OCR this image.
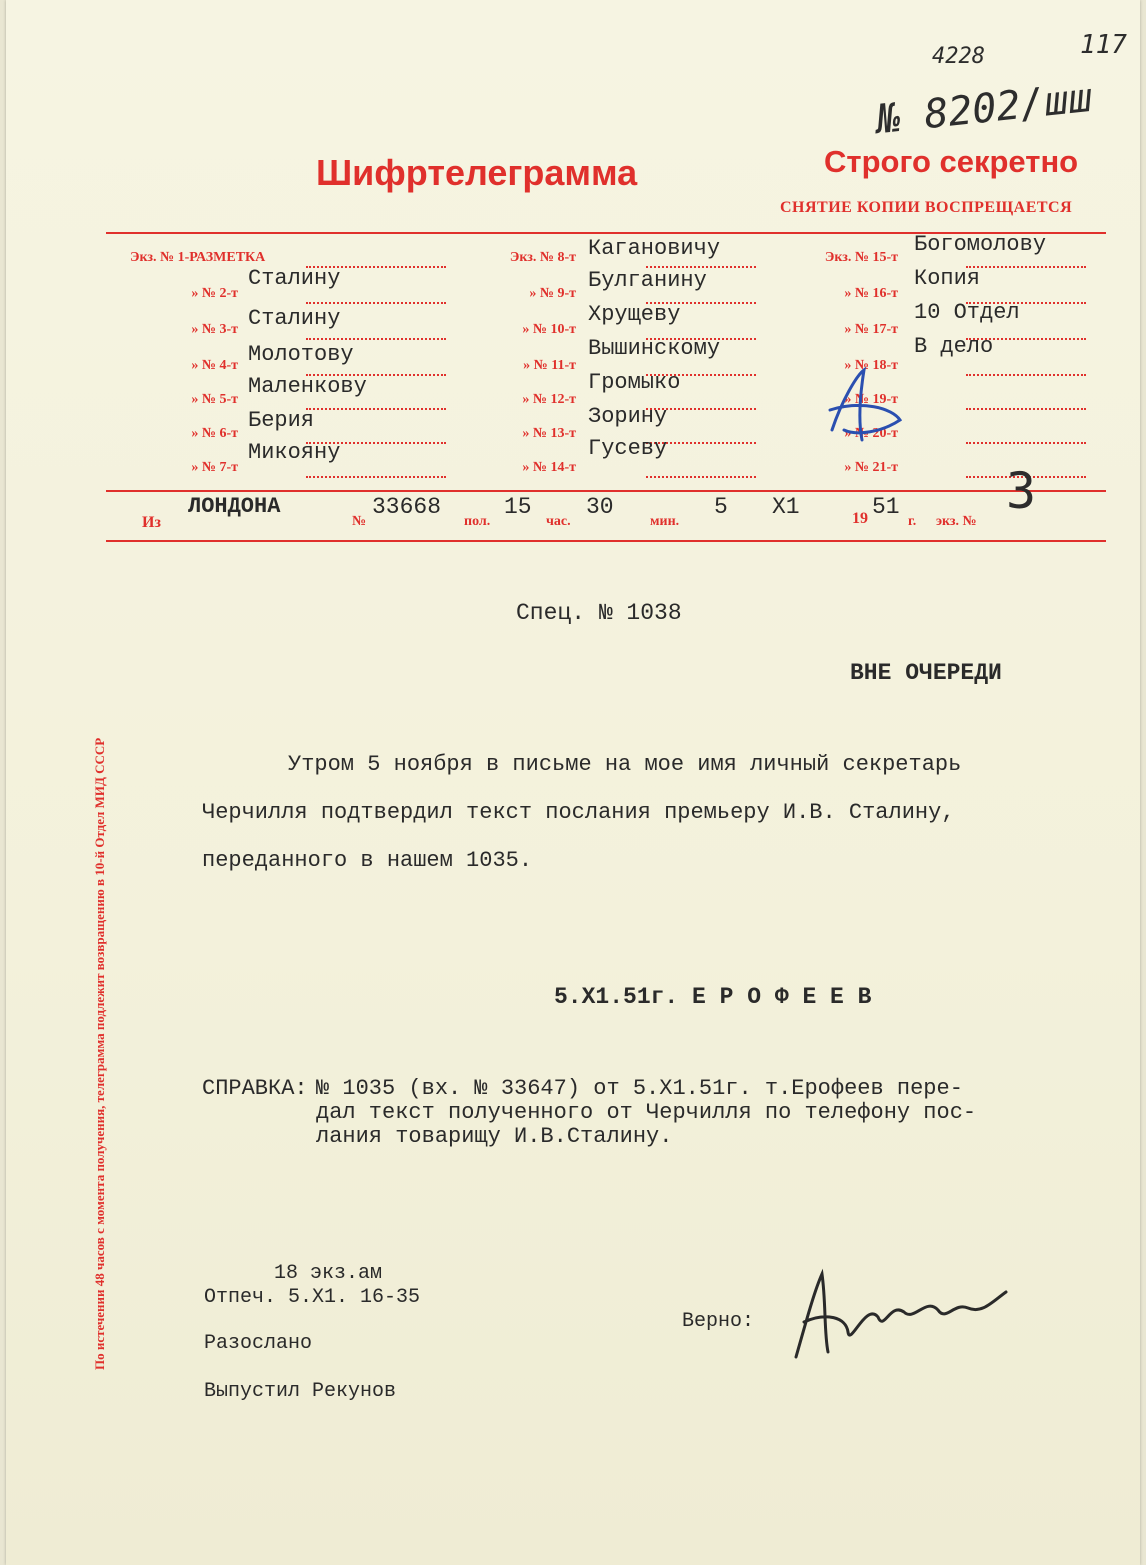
117
4228
№ 8202/шш
Шифртелеграмма	Строго секретно
СНЯТИЕ КОПИИ ВОСПРЕЩАЕТСЯ
Экз. № 1-РАЗМЕТКА
Сталину
» № 2-т
Сталину
» № 3-т
Молотову
» № 4-т
Маленкову
» № 5-т
Берия
» № 6-т
Микояну
» № 7-т
Экз. № 8-т Кагановичу
» № 9-т
Булганину
» № 10-т
Хрущеву
» № 11-т
Вышинскому
» № 12-т
Громыко
» № 13-т
Зорину
» № 14-т
Гусеву
Экз. № 15-т
Богомолову
» № 16-т
Копия
» № 17-т
10 Отдел
» № 18-т
В дело
» № 19-т
» № 20-т
» № 21-т
Из
ЛОНДОНА
№
33668
пол.
15
час.
30
мин.
5 Х1	19 51
г. экз. №
3
Спец. № 1038
ВНЕ ОЧЕРЕДИ
Утром 5 ноября в письме на мое имя личный секретарь
Черчилля подтвердил текст послания премьеру И.В. Сталину,
переданного в нашем 1035.
5.Х1.51г. Е Р О Ф Е Е В
СПРАВКА: № 1035 (вх. № 33647) от 5.Х1.51г. т.Ерофеев пере-
дал текст полученного от Черчилля по телефону пос-
лания товарищу И.В.Сталину.
18 экз.ам
Отпеч. 5.Х1. 16-35
Разослано
Выпустил Рекунов
Верно:
По истечении 48 часов с момента получения, телеграмма подлежит возвращению в 10-й Отдел МИД СССР
